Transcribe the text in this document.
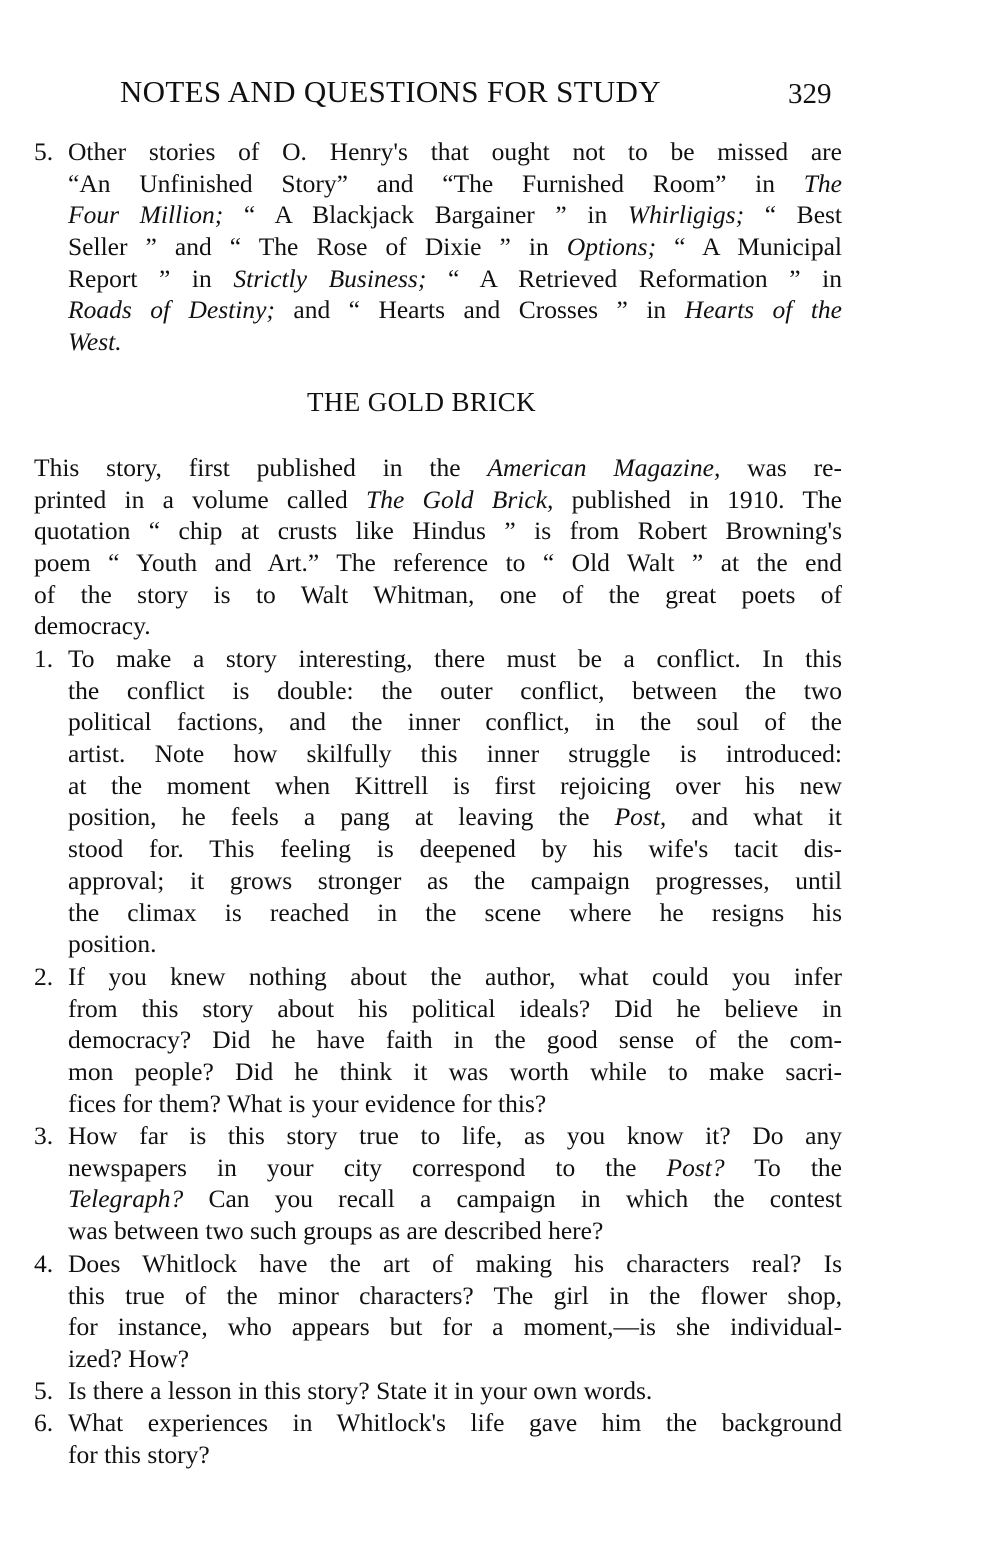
NOTES AND QUESTIONS FOR STUDY	329
5. Other stories of O. Henry's that ought not to be missed are
“An Unfinished Story” and “The Furnished Room” in The
Four Million; “ A Blackjack Bargainer ” in Whirligigs; “ Best
Seller ” and “ The Rose of Dixie ” in Options; “ A Municipal
Report ” in Strictly Business; “ A Retrieved Reformation ” in
Roads of Destiny; and “ Hearts and Crosses ” in Hearts of the
West.
THE GOLD BRICK
This story, first published in the American Magazine, was re-
printed in a volume called The Gold Brick, published in 1910. The
quotation “ chip at crusts like Hindus ” is from Robert Browning's
poem “ Youth and Art.” The reference to “ Old Walt ” at the end
of the story is to Walt Whitman, one of the great poets of
democracy.
1. To make a story interesting, there must be a conflict. In this
the conflict is double: the outer conflict, between the two
political factions, and the inner conflict, in the soul of the
artist. Note how skilfully this inner struggle is introduced:
at the moment when Kittrell is first rejoicing over his new
position, he feels a pang at leaving the Post, and what it
stood for. This feeling is deepened by his wife's tacit dis-
approval; it grows stronger as the campaign progresses, until
the climax is reached in the scene where he resigns his
position.
2. If you knew nothing about the author, what could you infer
from this story about his political ideals? Did he believe in
democracy? Did he have faith in the good sense of the com-
mon people? Did he think it was worth while to make sacri-
fices for them? What is your evidence for this?
3. How far is this story true to life, as you know it? Do any
newspapers in your city correspond to the Post? To the
Telegraph? Can you recall a campaign in which the contest
was between two such groups as are described here?
4. Does Whitlock have the art of making his characters real? Is
this true of the minor characters? The girl in the flower shop,
for instance, who appears but for a moment,—is she individual-
ized? How?
5. Is there a lesson in this story? State it in your own words.
6. What experiences in Whitlock's life gave him the background
for this story?
